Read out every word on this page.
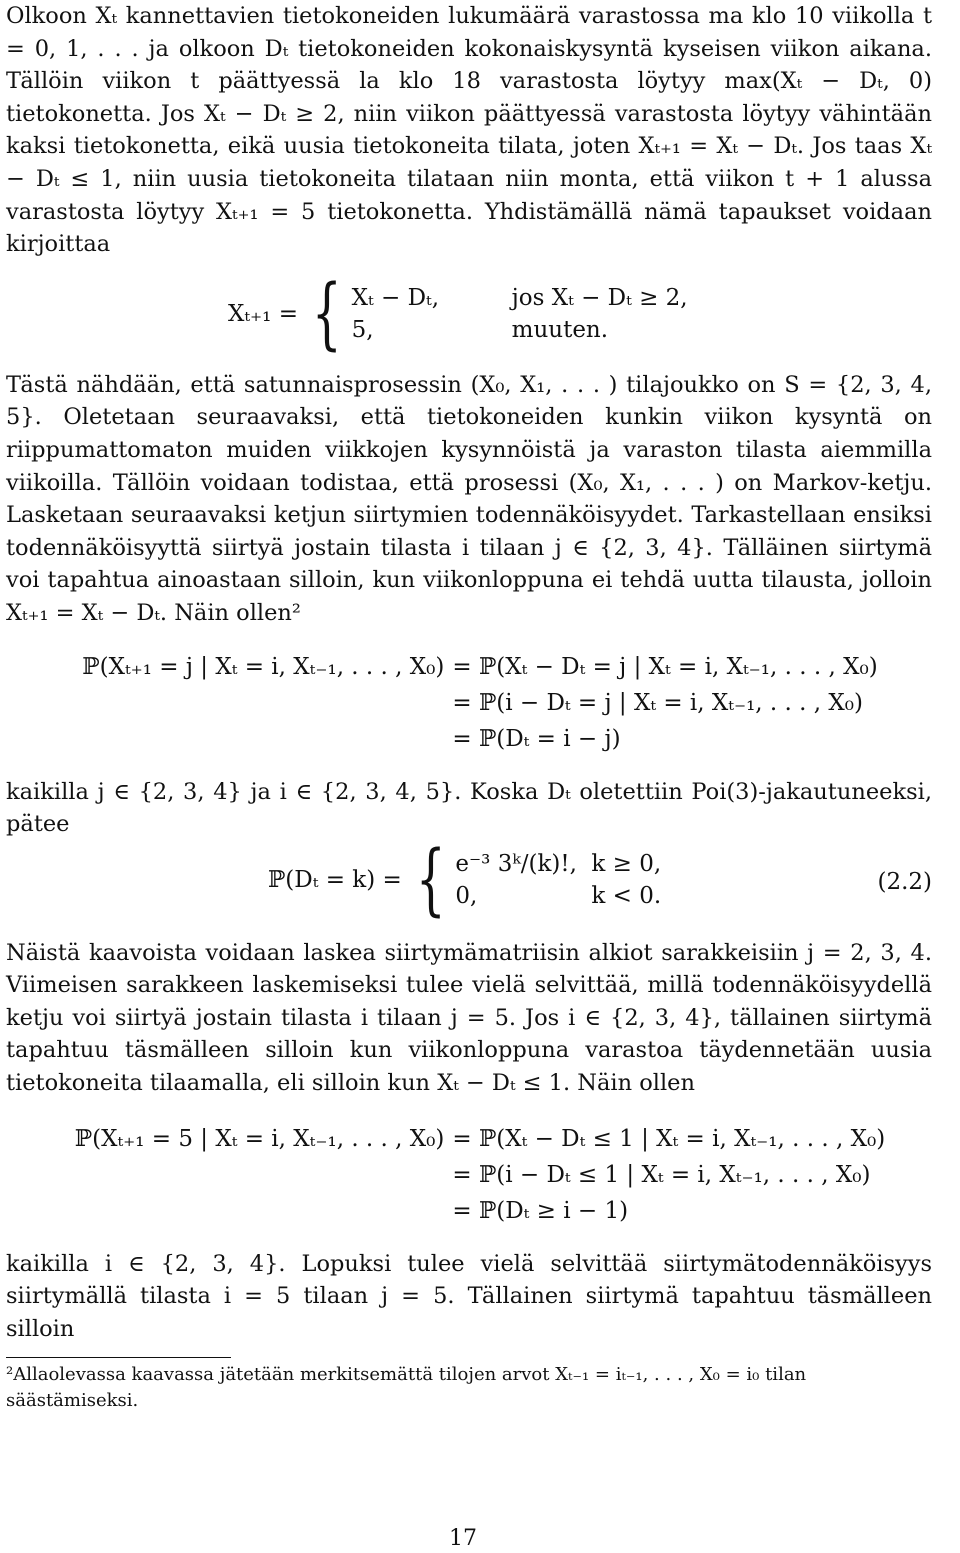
Olkoon Xₜ kannettavien tietokoneiden lukumäärä varastossa ma klo 10 viikolla t = 0, 1, . . . ja olkoon Dₜ tietokoneiden kokonaiskysyntä kyseisen viikon aikana. Tällöin viikon t päättyessä la klo 18 varastosta löytyy max(Xₜ − Dₜ, 0) tietokonetta. Jos Xₜ − Dₜ ≥ 2, niin viikon päättyessä varastosta löytyy vähintään kaksi tietokonetta, eikä uusia tietokoneita tilata, joten Xₜ₊₁ = Xₜ − Dₜ. Jos taas Xₜ − Dₜ ≤ 1, niin uusia tietokoneita tilataan niin monta, että viikon t + 1 alussa varastosta löytyy Xₜ₊₁ = 5 tietokonetta. Yhdistämällä nämä tapaukset voidaan kirjoittaa

Xₜ₊₁ = { Xₜ − Dₜ,	jos Xₜ − Dₜ ≥ 2,
5,	muuten.

Tästä nähdään, että satunnaisprosessin (X₀, X₁, . . . ) tilajoukko on S = {2, 3, 4, 5}. Oletetaan seuraavaksi, että tietokoneiden kunkin viikon kysyntä on riippumattomaton muiden viikkojen kysynnöistä ja varaston tilasta aiemmilla viikoilla. Tällöin voidaan todistaa, että prosessi (X₀, X₁, . . . ) on Markov-ketju. Lasketaan seuraavaksi ketjun siirtymien todennäköisyydet. Tarkastellaan ensiksi todennäköisyyttä siirtyä jostain tilasta i tilaan j ∈ {2, 3, 4}. Tälläinen siirtymä voi tapahtua ainoastaan silloin, kun viikonloppuna ei tehdä uutta tilausta, jolloin Xₜ₊₁ = Xₜ − Dₜ. Näin ollen²

ℙ(Xₜ₊₁ = j | Xₜ = i, Xₜ₋₁, . . . , X₀) = ℙ(Xₜ − Dₜ = j | Xₜ = i, Xₜ₋₁, . . . , X₀)
= ℙ(i − Dₜ = j | Xₜ = i, Xₜ₋₁, . . . , X₀)
= ℙ(Dₜ = i − j)

kaikilla j ∈ {2, 3, 4} ja i ∈ {2, 3, 4, 5}. Koska Dₜ oletettiin Poi(3)-jakautuneeksi, pätee

ℙ(Dₜ = k) = { e⁻³ 3ᵏ/(k)!, k ≥ 0,
0,	k < 0.
(2.2)

Näistä kaavoista voidaan laskea siirtymämatriisin alkiot sarakkeisiin j = 2, 3, 4. Viimeisen sarakkeen laskemiseksi tulee vielä selvittää, millä todennäköisyydellä ketju voi siirtyä jostain tilasta i tilaan j = 5. Jos i ∈ {2, 3, 4}, tällainen siirtymä tapahtuu täsmälleen silloin kun viikonloppuna varastoa täydennetään uusia tietokoneita tilaamalla, eli silloin kun Xₜ − Dₜ ≤ 1. Näin ollen

ℙ(Xₜ₊₁ = 5 | Xₜ = i, Xₜ₋₁, . . . , X₀) = ℙ(Xₜ − Dₜ ≤ 1 | Xₜ = i, Xₜ₋₁, . . . , X₀)
= ℙ(i − Dₜ ≤ 1 | Xₜ = i, Xₜ₋₁, . . . , X₀)
= ℙ(Dₜ ≥ i − 1)

kaikilla i ∈ {2, 3, 4}. Lopuksi tulee vielä selvittää siirtymätodennäköisyys siirtymällä tilasta i = 5 tilaan j = 5. Tällainen siirtymä tapahtuu täsmälleen silloin

²Allaolevassa kaavassa jätetään merkitsemättä tilojen arvot Xₜ₋₁ = iₜ₋₁, . . . , X₀ = i₀ tilan säästämiseksi.

17
